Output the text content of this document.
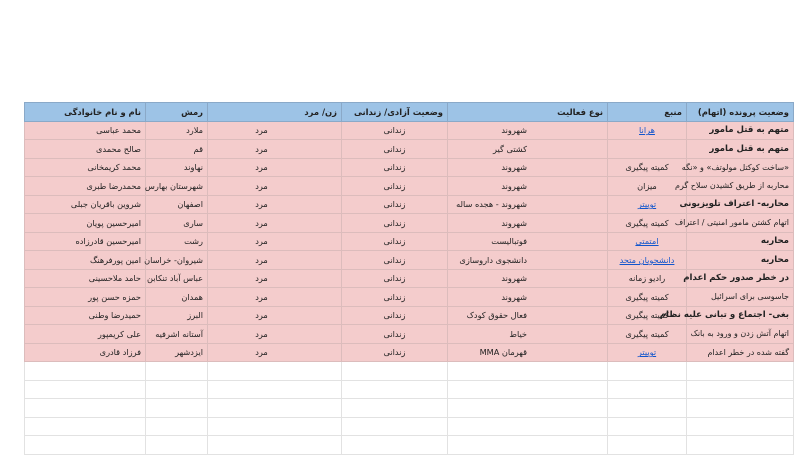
نام و نام خانوادگی	رمش	زن/ مرد	وضعیت آزادی/ زندانی	نوع فعالیت	منبع	وضعیت پرونده (اتهام)
محمد عباسی	ملارد	مرد	زندانی	شهروند	هرانا	متهم به قتل مامور
صالح محمدی	قم	مرد	زندانی	کشتی گیر		متهم به قتل مامور
محمد کریمخانی	نهاوند	مرد	زندانی	شهروند	کمیته پیگیری	«ساخت کوکتل مولوتف» و «نگه
محمدرضا طبری	شهرستان بهارس	مرد	زندانی	شهروند	میزان	محاربه از طریق کشیدن سلاح گرم
شروین باقریان جبلی	اصفهان	مرد	زندانی	شهروند - هجده ساله	توییتر	محاربه- اعتراف تلویزیونی
امیرحسین پویان	ساری	مرد	زندانی	شهروند	کمیته پیگیری	اتهام کشتن مامور امنیتی / اعتراف
امیرحسین قادرزاده	رشت	مرد	زندانی	فوتبالیست	امتمتی	محاربه
امین پورفرهنگ	شیروان- خراسان	مرد	زندانی	دانشجوی داروسازی	دانشجویان متحد	محاربه
حامد ملاحسینی	عباس آباد تنکابن	مرد	زندانی	شهروند	رادیو زمانه	در خطر صدور حکم اعدام
حمزه حسن پور	همدان	مرد	زندانی	شهروند	کمیته پیگیری	جاسوسی برای اسرائیل
حمیدرضا وطنی	البرز	مرد	زندانی	فعال حقوق کودک	کمیته پیگیری	بغی- اجتماع و تبانی علیه نظام
علی کریمپور	آستانه اشرفیه	مرد	زندانی	خیاط	کمیته پیگیری	اتهام آتش زدن و ورود به بانک
فرزاد قادری	ایزدشهر	مرد	زندانی	قهرمان MMA	توییتر	گفته شده در خطر اعدام
